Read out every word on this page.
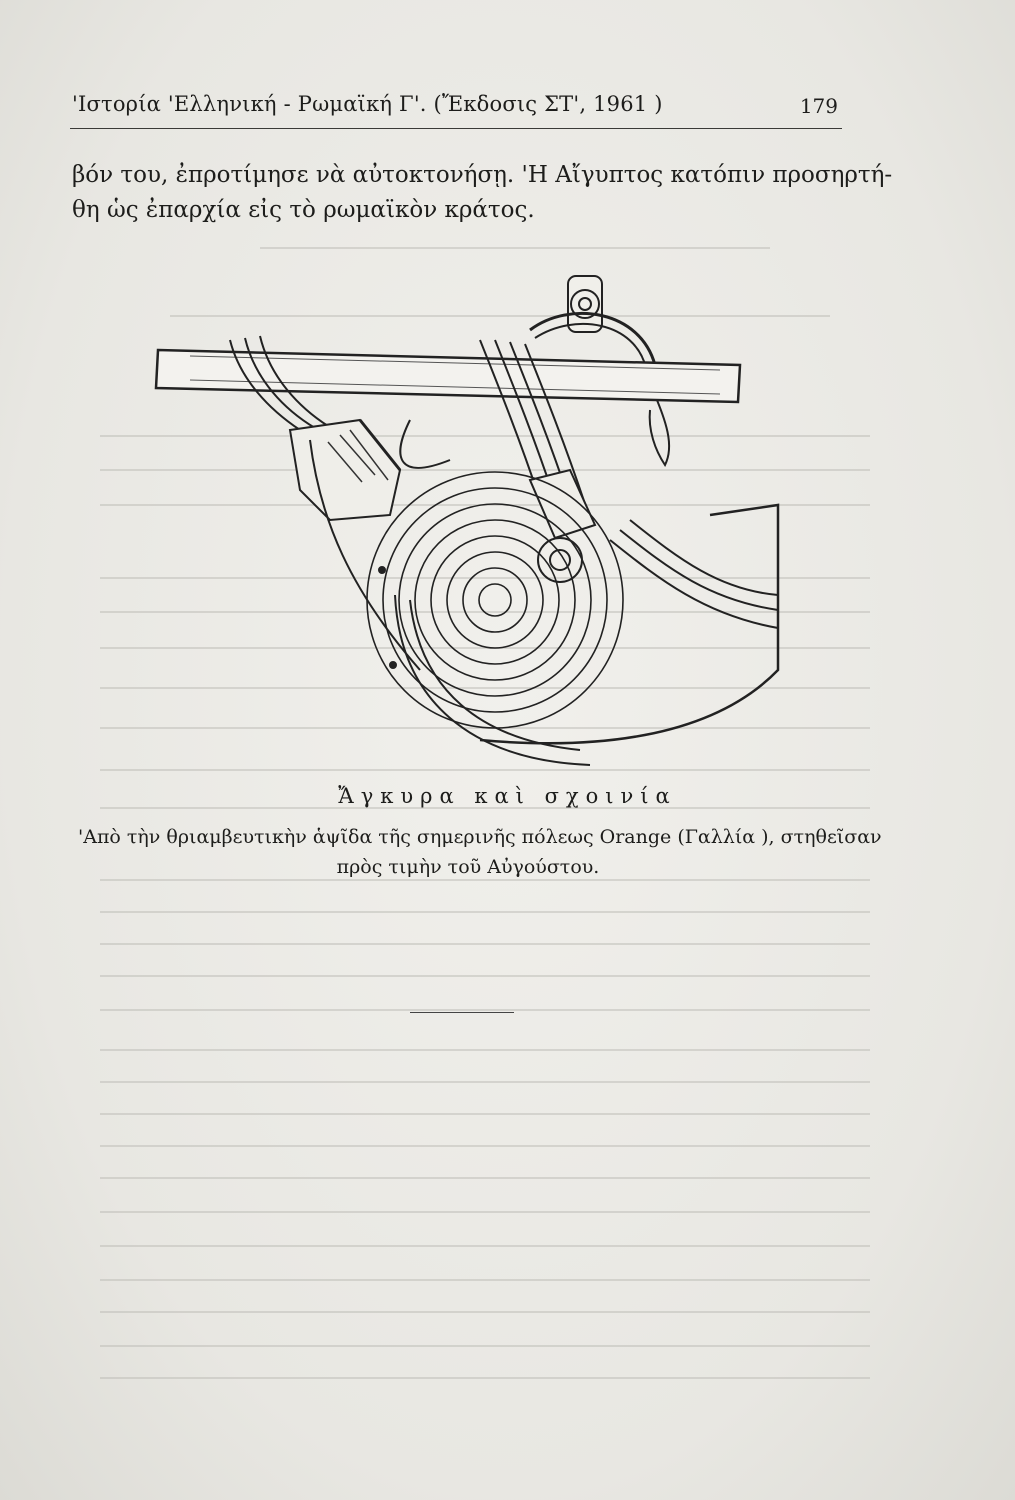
'Ιστορία 'Ελληνική - Ρωμαϊκή Γ'. (Ἔκδοσις ΣΤ', 1961 )	179
βόν του, ἐπροτίμησε νὰ αὐτοκτονήσῃ. 'Η Αἴγυπτος κατόπιν προσηρτή-
θη ὡς ἐπαρχία εἰς τὸ ρωμαϊκὸν κράτος.
Ἄγκυρα καὶ σχοινία
'Απὸ τὴν θριαμβευτικὴν ἁψῖδα τῆς σημερινῆς πόλεως Orange (Γαλλία ), στηθεῖσαν
πρὸς τιμὴν τοῦ Αὐγούστου.
